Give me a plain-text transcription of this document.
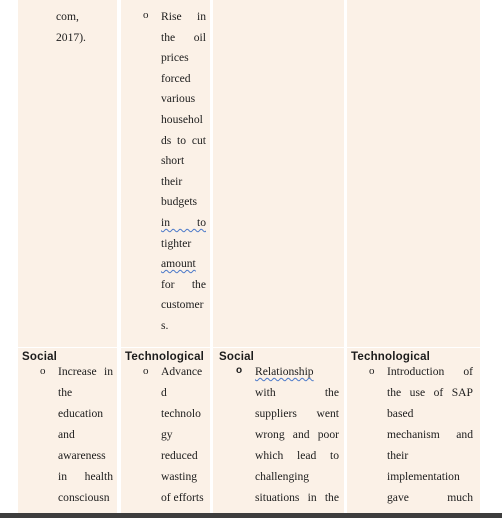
com,
2017).
o Rise in
the oil
prices
forced
various
househol
ds to cut
short
their
budgets
in to
tighter
amount
for the
customer
s.
Social
o Increase in
the
education
and
awareness
in health
consciousn
Technological
o Advance
d
technolo
gy
reduced
wasting
of efforts
Social
o Relationship
with the
suppliers went
wrong and poor
which lead to
challenging
situations in the
Technological
o Introduction of
the use of SAP
based
mechanism and
their
implementation
gave much
